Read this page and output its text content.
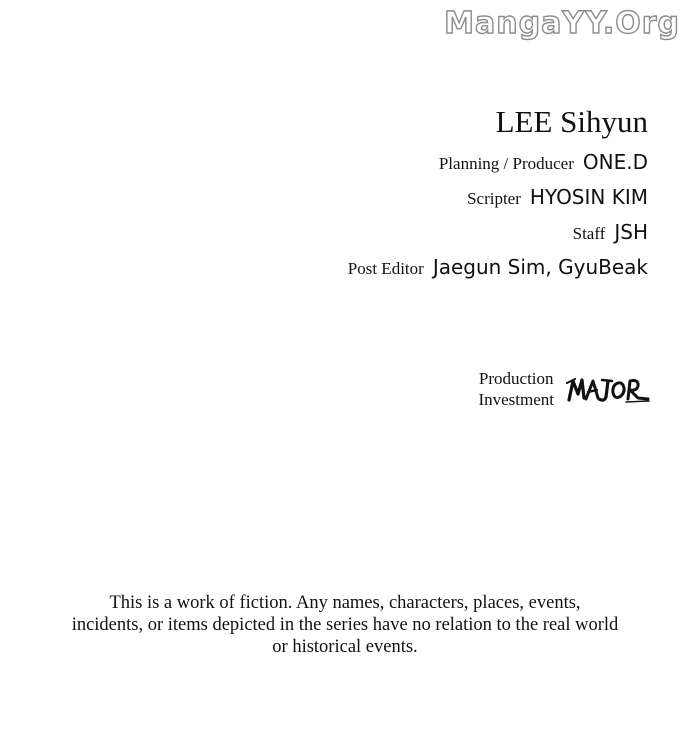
MangaYY.Org
LEE Sihyun
Planning / Producer ONE.D
Scripter HYOSIN KIM
Staff JSH
Post Editor Jaegun Sim, GyuBeak
Production
Investment
This is a work of fiction. Any names, characters, places, events,
incidents, or items depicted in the series have no relation to the real world
or historical events.
